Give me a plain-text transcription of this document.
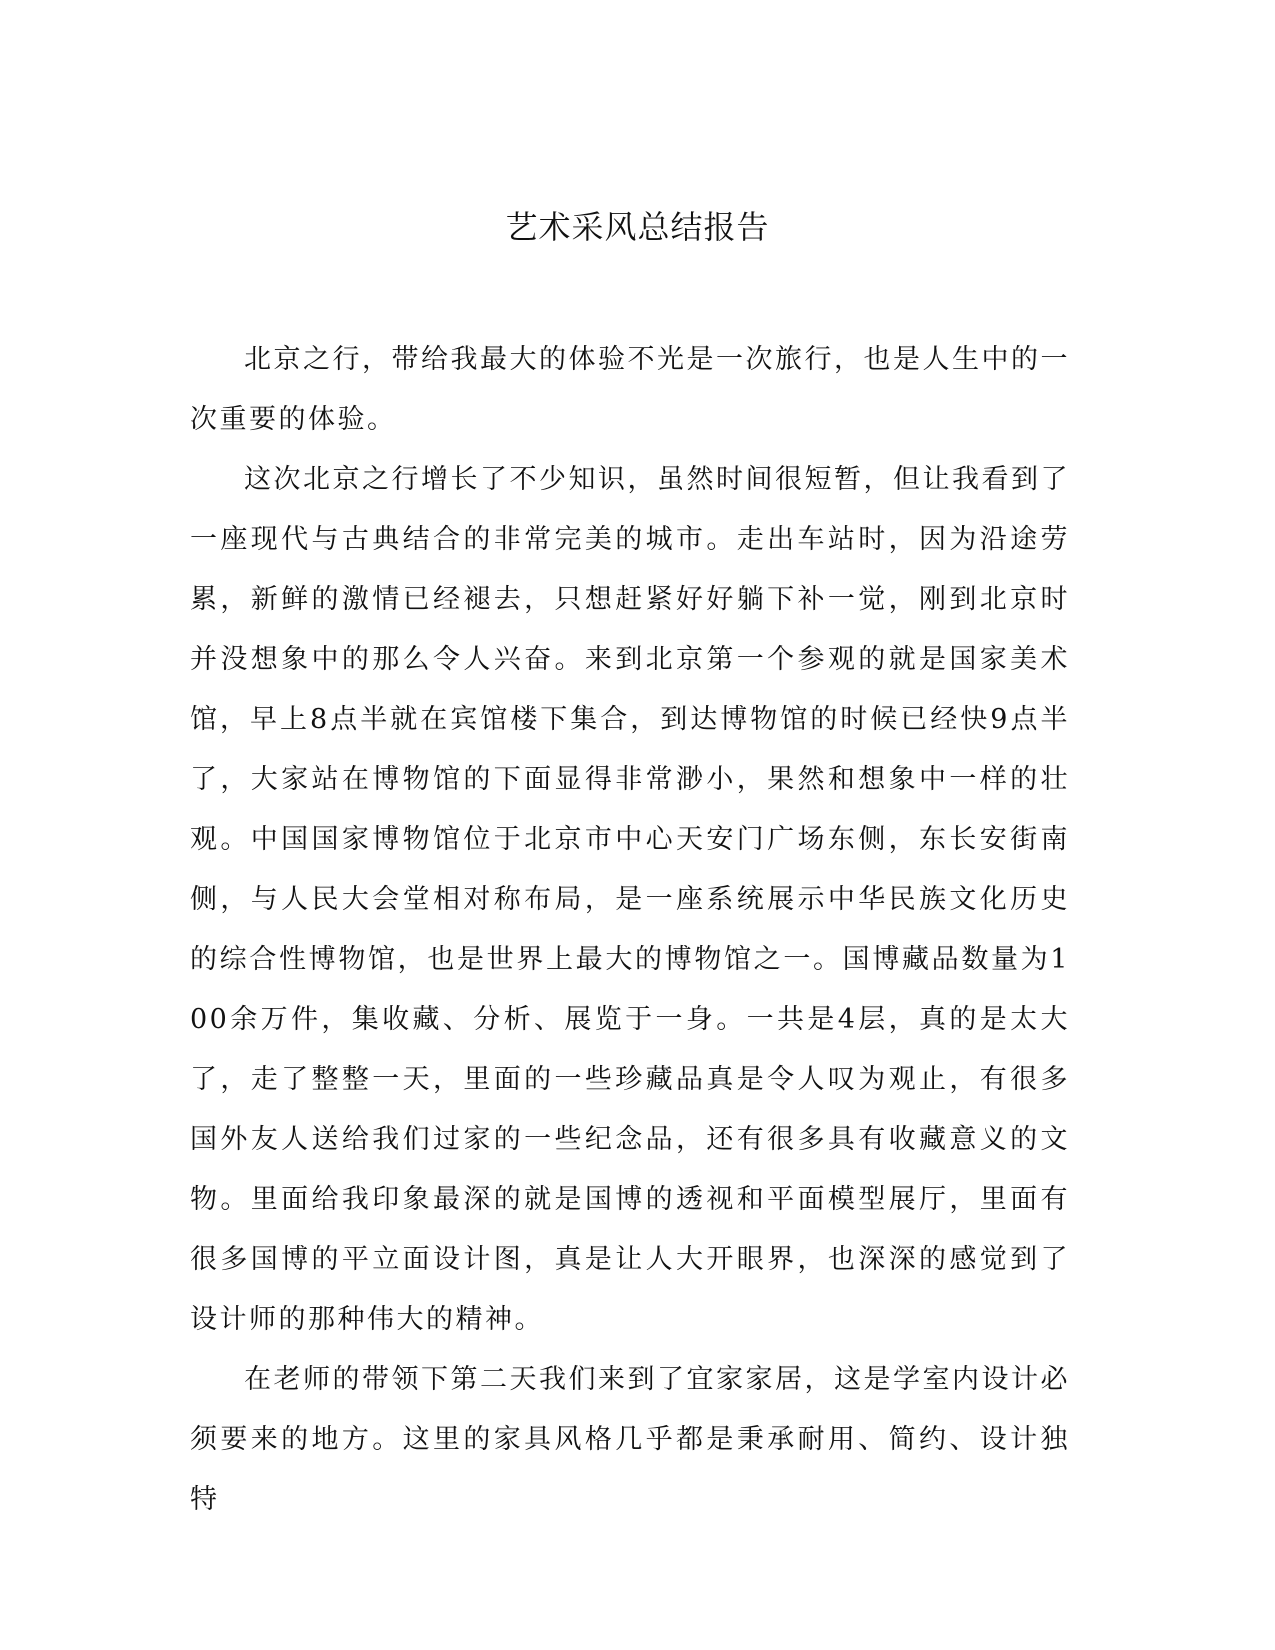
艺术采风总结报告

北京之行，带给我最大的体验不光是一次旅行，也是人生中的一次重要的体验。

这次北京之行增长了不少知识，虽然时间很短暂，但让我看到了一座现代与古典结合的非常完美的城市。走出车站时，因为沿途劳累，新鲜的激情已经褪去，只想赶紧好好躺下补一觉，刚到北京时并没想象中的那么令人兴奋。来到北京第一个参观的就是国家美术馆，早上8点半就在宾馆楼下集合，到达博物馆的时候已经快9点半了，大家站在博物馆的下面显得非常渺小，果然和想象中一样的壮观。中国国家博物馆位于北京市中心天安门广场东侧，东长安街南侧，与人民大会堂相对称布局，是一座系统展示中华民族文化历史的综合性博物馆，也是世界上最大的博物馆之一。国博藏品数量为100余万件，集收藏、分析、展览于一身。一共是4层，真的是太大了，走了整整一天，里面的一些珍藏品真是令人叹为观止，有很多国外友人送给我们过家的一些纪念品，还有很多具有收藏意义的文物。里面给我印象最深的就是国博的透视和平面模型展厅，里面有很多国博的平立面设计图，真是让人大开眼界，也深深的感觉到了设计师的那种伟大的精神。

在老师的带领下第二天我们来到了宜家家居，这是学室内设计必须要来的地方。这里的家具风格几乎都是秉承耐用、简约、设计独特
